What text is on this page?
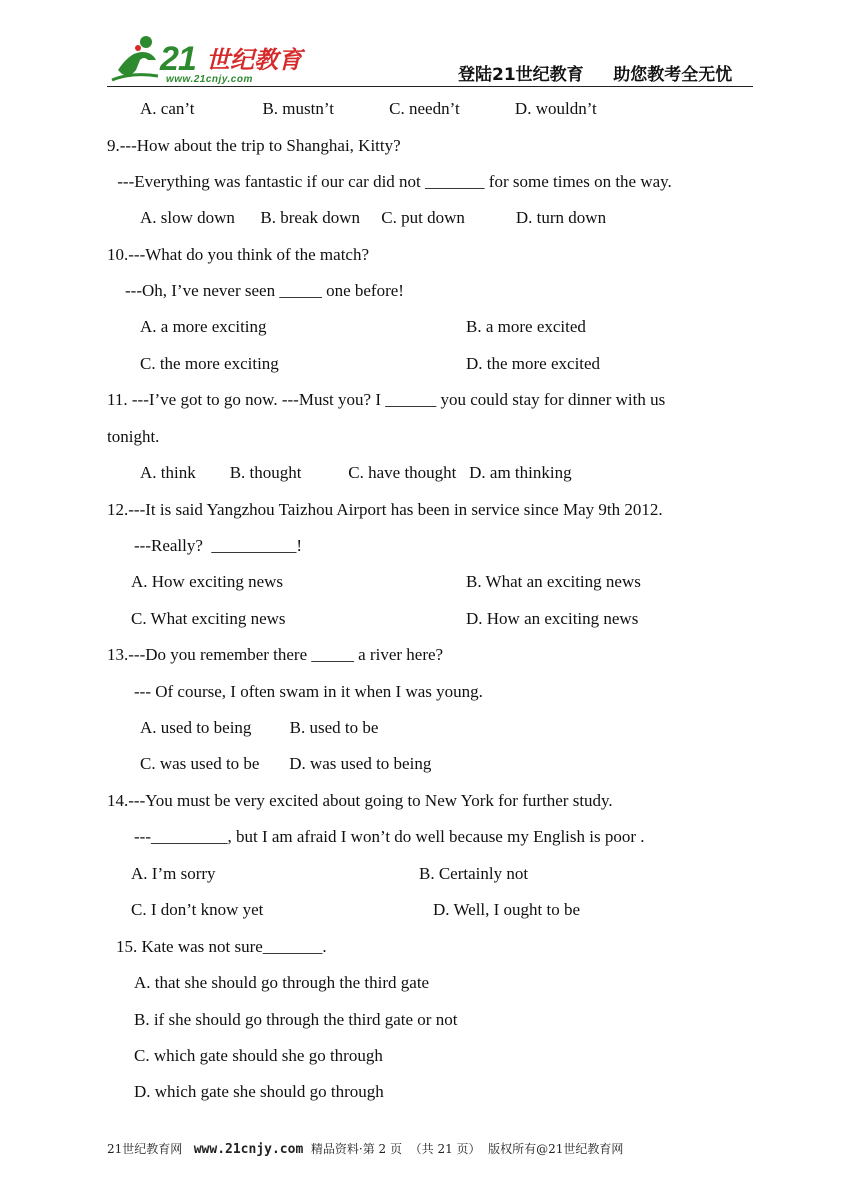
21 世纪教育
www.21cnjy.com	登陆21世纪教育     助您教考全无忧
A. can’t                B. mustn’t             C. needn’t             D. wouldn’t
9.---How about the trip to Shanghai, Kitty?
---Everything was fantastic if our car did not _______ for some times on the way.
A. slow down      B. break down     C. put down            D. turn down
10.---What do you think of the match?
---Oh, I’ve never seen _____ one before!
A. a more exciting	B. a more excited
C. the more exciting	D. the more excited
11. ---I’ve got to go now. ---Must you? I ______ you could stay for dinner with us
tonight.
A. think        B. thought           C. have thought   D. am thinking
12.---It is said Yangzhou Taizhou Airport has been in service since May 9th 2012.
---Really?  __________!
A. How exciting news	B. What an exciting news
C. What exciting news	D. How an exciting news
13.---Do you remember there _____ a river here?
--- Of course, I often swam in it when I was young.
A. used to being         B. used to be
C. was used to be       D. was used to being
14.---You must be very excited about going to New York for further study.
---_________, but I am afraid I won’t do well because my English is poor .
A. I’m sorry	B. Certainly not
C. I don’t know yet	D. Well, I ought to be
15. Kate was not sure_______.
A. that she should go through the third gate
B. if she should go through the third gate or not
C. which gate should she go through
D. which gate she should go through
21世纪教育网   www.21cnjy.com  精品资料·第 2 页  （共 21 页）  版权所有@21世纪教育网
